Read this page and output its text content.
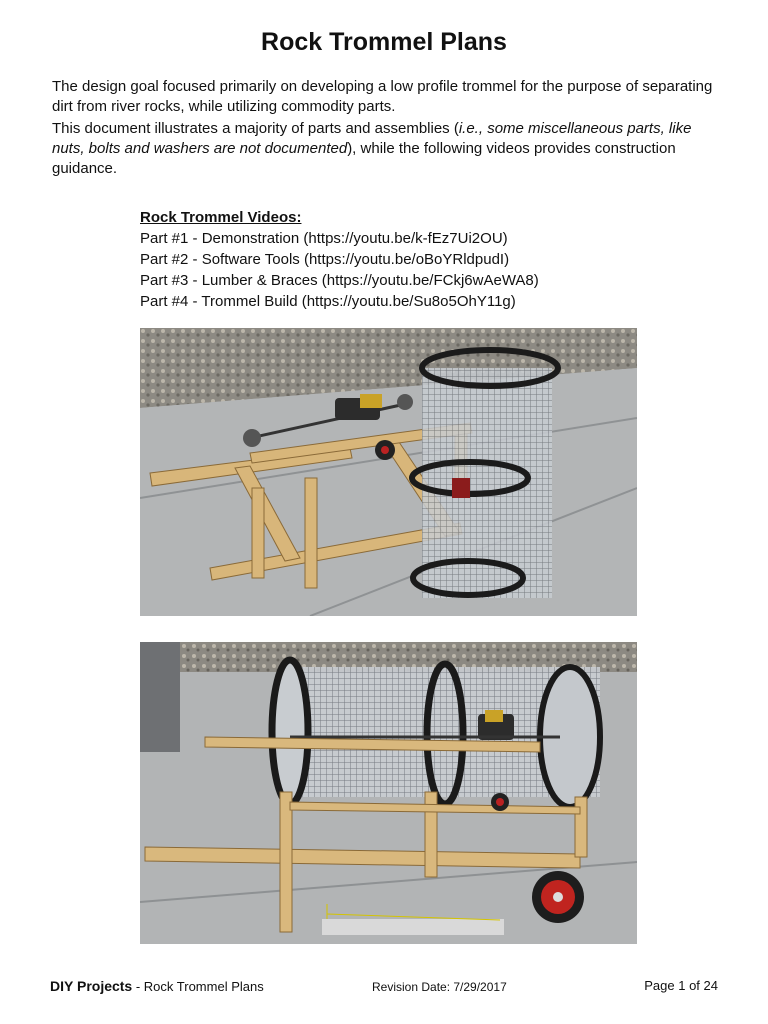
Rock Trommel Plans

The design goal focused primarily on developing a low profile trommel for the purpose of separating dirt from river rocks, while utilizing commodity parts.

This document illustrates a majority of parts and assemblies (i.e., some miscellaneous parts, like nuts, bolts and washers are not documented), while the following videos provides construction guidance.

Rock Trommel Videos:
Part #1 - Demonstration (https://youtu.be/k-fEz7Ui2OU)
Part #2 - Software Tools (https://youtu.be/oBoYRldpudI)
Part #3 - Lumber & Braces (https://youtu.be/FCkj6wAeWA8)
Part #4 - Trommel Build (https://youtu.be/Su8o5OhY11g)
DIY Projects - Rock Trommel Plans	Revision Date: 7/29/2017	Page 1 of 24
